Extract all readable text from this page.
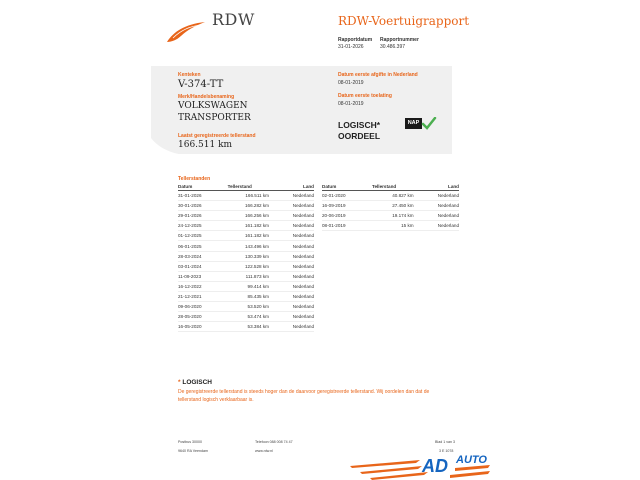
RDW	RDW-Voertuigrapport
Rapportdatum
31-01-2026
Rapportnummer
30.486.397
Kenteken
V-374-TT
Merk/Handelsbenaming
VOLKSWAGEN
TRANSPORTER
Laatst geregistreerde tellerstand
166.511 km
Datum eerste afgifte in Nederland
08-01-2019
Datum eerste toelating
08-01-2019
LOGISCH*
OORDEEL
NAP
Tellerstanden
Datum	Tellerstand	Land
31-01-2026	166.511 km	Nederland
30-01-2026	166.282 km	Nederland
29-01-2026	166.256 km	Nederland
24-12-2025	161.182 km	Nederland
01-12-2025	161.182 km	Nederland
06-01-2025	143.496 km	Nederland
28-03-2024	130.339 km	Nederland
03-01-2024	122.528 km	Nederland
11-09-2023	111.873 km	Nederland
16-12-2022	99.414 km	Nederland
21-12-2021	85.435 km	Nederland
09-06-2020	53.520 km	Nederland
28-05-2020	53.474 km	Nederland
16-05-2020	53.384 km	Nederland
Datum	Tellerstand	Land
02-01-2020	40.827 km	Nederland
16-09-2019	27.450 km	Nederland
20-06-2019	19.174 km	Nederland
08-01-2019	15 km	Nederland
* LOGISCH
De geregistreerde tellerstand is steeds hoger dan de daarvoor geregistreerde tellerstand. Wij oordelen dan dat de tellerstand logisch verklaarbaar is.
Postbus 30000
9640 RA Veendam
Telefoon 088 008 74 47
www.rdw.nl
Blad 1 van 3
3 E 1078
AD AUTO
